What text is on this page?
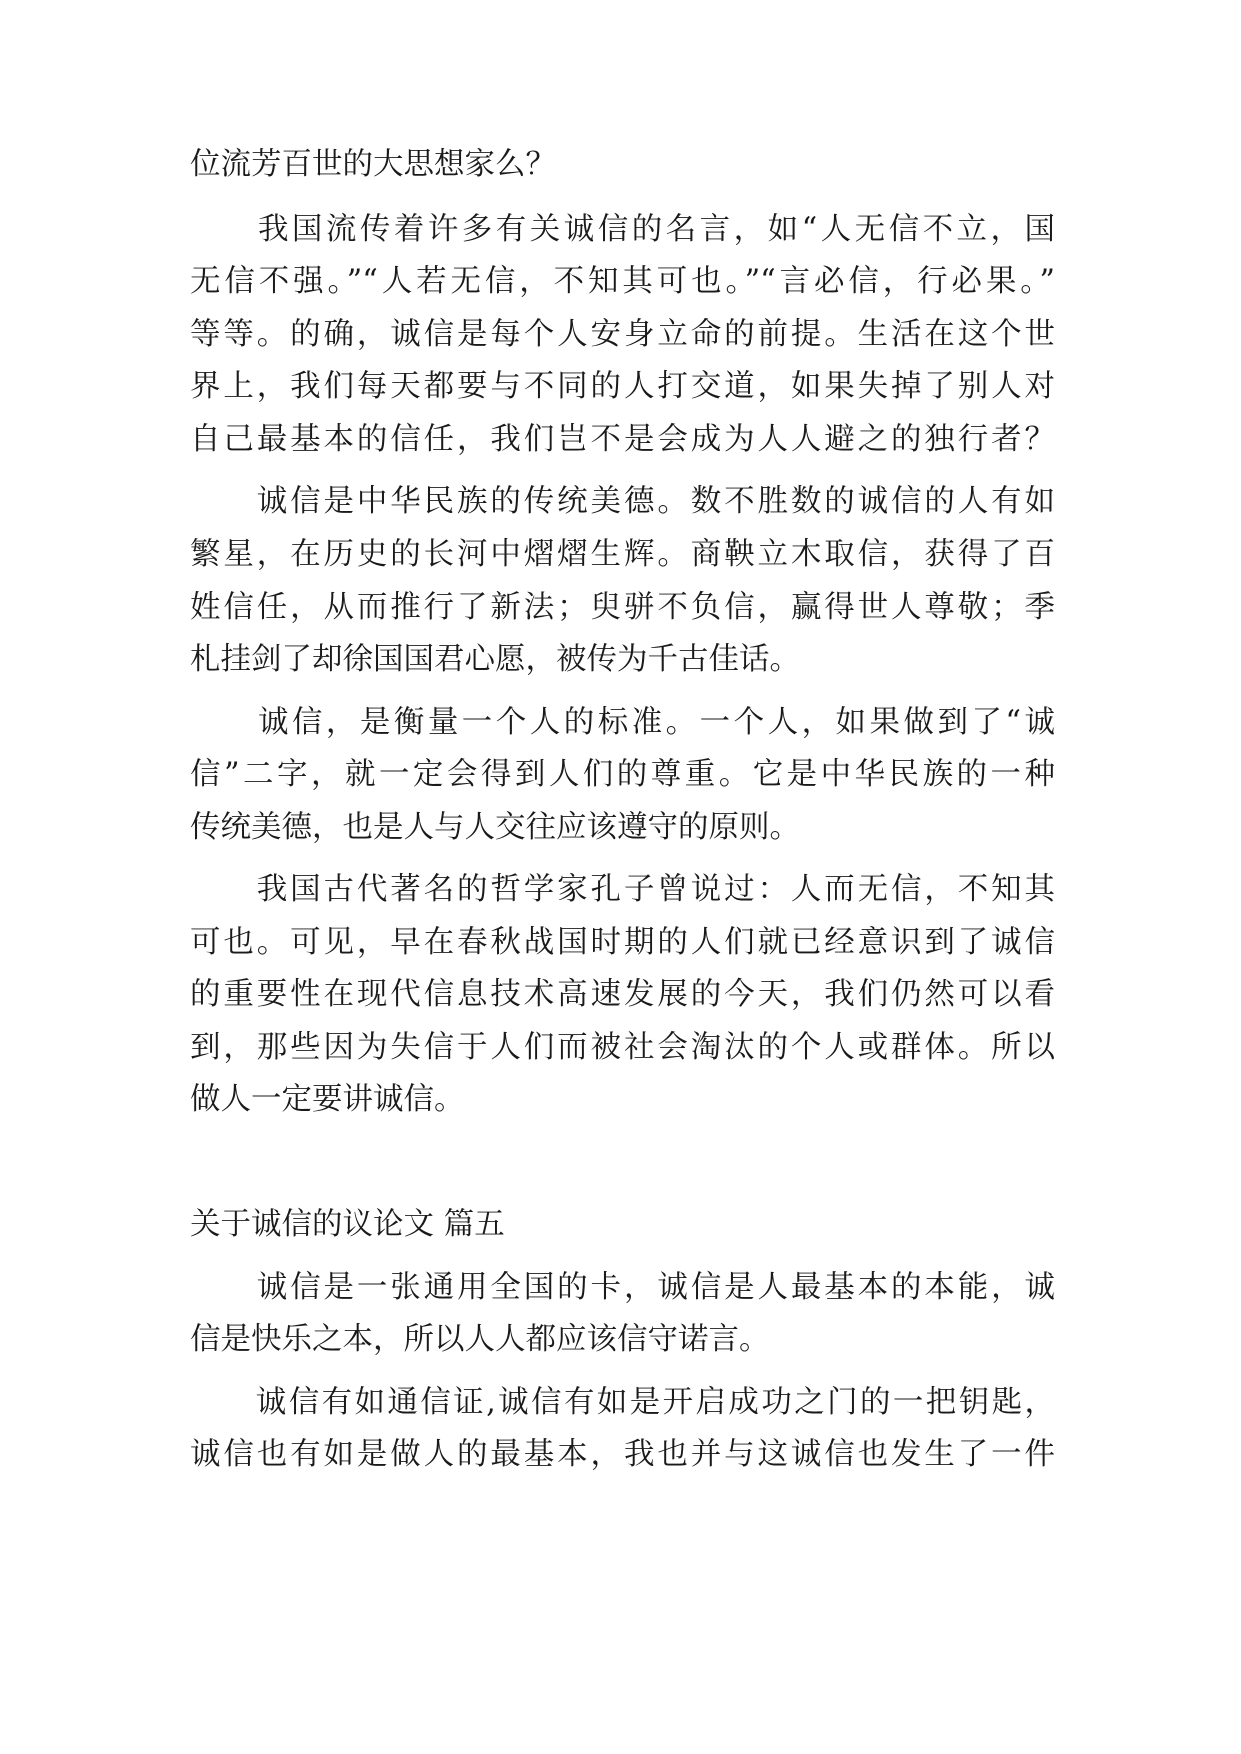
位流芳百世的大思想家么？
　　我国流传着许多有关诚信的名言，如“人无信不立，国
无信不强。”“人若无信，不知其可也。”“言必信，行必果。”
等等。的确，诚信是每个人安身立命的前提。生活在这个世
界上，我们每天都要与不同的人打交道，如果失掉了别人对
自己最基本的信任，我们岂不是会成为人人避之的独行者？
　　诚信是中华民族的传统美德。数不胜数的诚信的人有如
繁星，在历史的长河中熠熠生辉。商鞅立木取信，获得了百
姓信任，从而推行了新法；臾骈不负信，赢得世人尊敬；季
札挂剑了却徐国国君心愿，被传为千古佳话。
　　诚信，是衡量一个人的标准。一个人，如果做到了“诚
信”二字，就一定会得到人们的尊重。它是中华民族的一种
传统美德，也是人与人交往应该遵守的原则。
　　我国古代著名的哲学家孔子曾说过：人而无信，不知其
可也。可见，早在春秋战国时期的人们就已经意识到了诚信
的重要性在现代信息技术高速发展的今天，我们仍然可以看
到，那些因为失信于人们而被社会淘汰的个人或群体。所以
做人一定要讲诚信。
关于诚信的议论文 篇五
　　诚信是一张通用全国的卡，诚信是人最基本的本能，诚
信是快乐之本，所以人人都应该信守诺言。
　　诚信有如通信证,诚信有如是开启成功之门的一把钥匙，
诚信也有如是做人的最基本，我也并与这诚信也发生了一件
